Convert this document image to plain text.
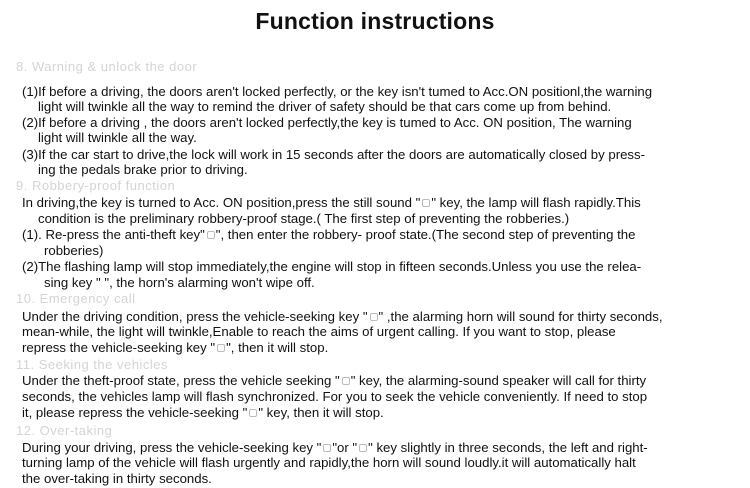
Function instructions
8. Warning & unlock the door
(1)If before a driving, the doors aren't locked perfectly, or the key isn't tumed to Acc.ON positionl,the warning
light will twinkle all the way to remind the driver of safety should be that cars come up from behind.
(2)If before a driving , the doors aren't locked perfectly,the key is tumed to Acc. ON position, The warning
light will twinkle all the way.
(3)If the car start to drive,the lock will work in 15 seconds after the doors are automatically closed by press-
ing the pedals brake prior to driving.
9. Robbery-proof function
In driving,the key is turned to Acc. ON position,press the still sound " " key, the lamp will flash rapidly.This
condition is the preliminary robbery-proof stage.( The first step of preventing the robberies.)
(1). Re-press the anti-theft key" ", then enter the robbery- proof state.(The second step of preventing the
robberies)
(2)The flashing lamp will stop immediately,the engine will stop in fifteen seconds.Unless you use the relea-
sing key " ", the horn's alarming won't wipe off.
10. Emergency call
Under the driving condition, press the vehicle-seeking key " " ,the alarming horn will sound for thirty seconds,
mean-while, the light will twinkle,Enable to reach the aims of urgent calling. If you want to stop, please
repress the vehicle-seeking key " ", then it will stop.
11. Seeking the vehicles
Under the theft-proof state, press the vehicle seeking " " key, the alarming-sound speaker will call for thirty
seconds, the vehicles lamp will flash synchronized. For you to seek the vehicle conveniently. If need to stop
it, please repress the vehicle-seeking " " key, then it will stop.
12. Over-taking
During your driving, press the vehicle-seeking key " "or " " key slightly in three seconds, the left and right-
turning lamp of the vehicle will flash urgently and rapidly,the horn will sound loudly.it will automatically halt
the over-taking in thirty seconds.
